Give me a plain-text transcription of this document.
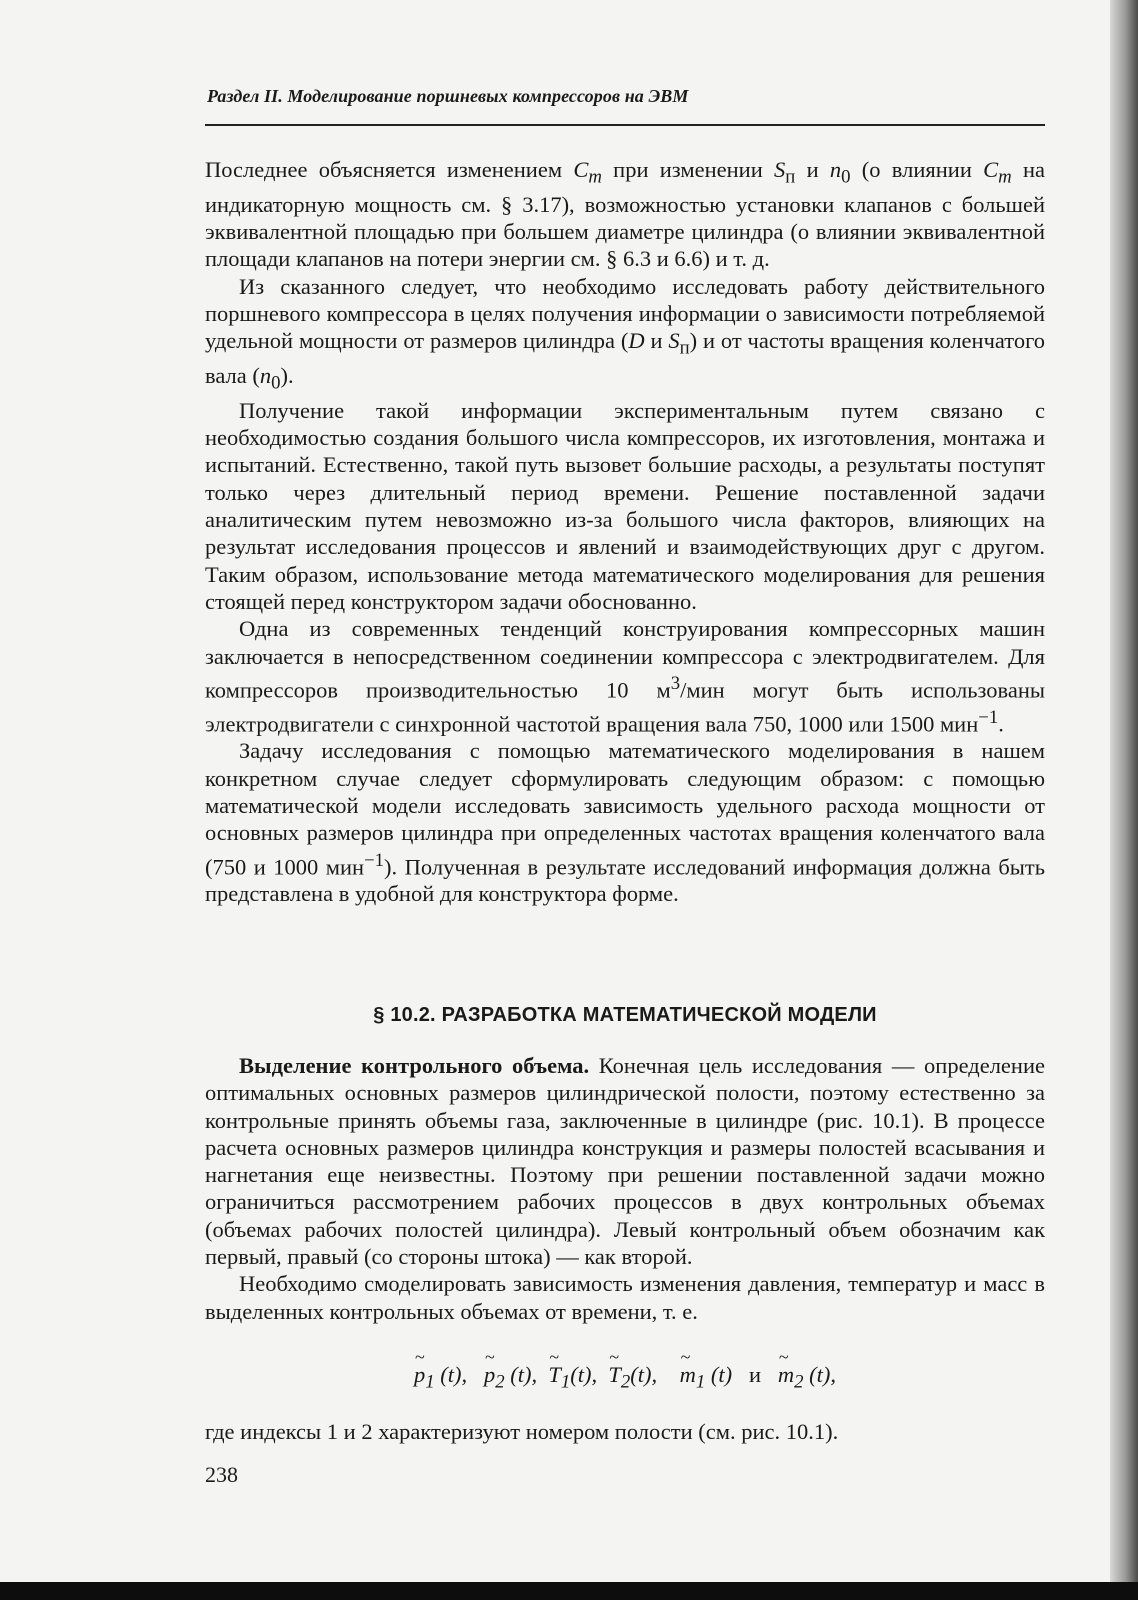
Раздел II. Моделирование поршневых компрессоров на ЭВМ

Последнее объясняется изменением $C_m$ при изменении $S_п$ и $n_0$ (о влиянии $C_m$ на индикаторную мощность см. § 3.17), возможностью установки клапанов с большей эквивалентной площадью при большем диаметре цилиндра (о влиянии эквивалентной площади клапанов на потери энергии см. § 6.3 и 6.6) и т. д.

Из сказанного следует, что необходимо исследовать работу действительного поршневого компрессора в целях получения информации о зависимости потребляемой удельной мощности от размеров цилиндра (D и $S_п$) и от частоты вращения коленчатого вала $(n_0)$.

Получение такой информации экспериментальным путем связано с необходимостью создания большого числа компрессоров, их изготовления, монтажа и испытаний. Естественно, такой путь вызовет большие расходы, а результаты поступят только через длительный период времени. Решение поставленной задачи аналитическим путем невозможно из-за большого числа факторов, влияющих на результат исследования процессов и явлений и взаимодействующих друг с другом. Таким образом, использование метода математического моделирования для решения стоящей перед конструктором задачи обоснованно.

Одна из современных тенденций конструирования компрессорных машин заключается в непосредственном соединении компрессора с электродвигателем. Для компрессоров производительностью 10 $м^3$/мин могут быть использованы электродвигатели с синхронной частотой вращения вала 750, 1000 или 1500 мин$^{-1}$.

Задачу исследования с помощью математического моделирования в нашем конкретном случае следует сформулировать следующим образом: с помощью математической модели исследовать зависимость удельного расхода мощности от основных размеров цилиндра при определенных частотах вращения коленчатого вала (750 и 1000 мин$^{-1}$). Полученная в результате исследований информация должна быть представлена в удобной для конструктора форме.

§ 10.2. РАЗРАБОТКА МАТЕМАТИЧЕСКОЙ МОДЕЛИ

Выделение контрольного объема. Конечная цель исследования — определение оптимальных основных размеров цилиндрической полости, поэтому естественно за контрольные принять объемы газа, заключенные в цилиндре (рис. 10.1). В процессе расчета основных размеров цилиндра конструкция и размеры полостей всасывания и нагнетания еще неизвестны. Поэтому при решении поставленной задачи можно ограничиться рассмотрением рабочих процессов в двух контрольных объемах (объемах рабочих полостей цилиндра). Левый контрольный объем обозначим как первый, правый (со стороны штока) — как второй.

Необходимо смоделировать зависимость изменения давления, температур и масс в выделенных контрольных объемах от времени, т. е.

~ $p_1$ (t),   ~ $p_2$ (t),  ~ $T_1(t)$,  ~ $T_2(t)$,    ~ $m_1$ (t)   и   ~ $m_2$ (t),
где индексы 1 и 2 характеризуют номером полости (см. рис. 10.1).
238
